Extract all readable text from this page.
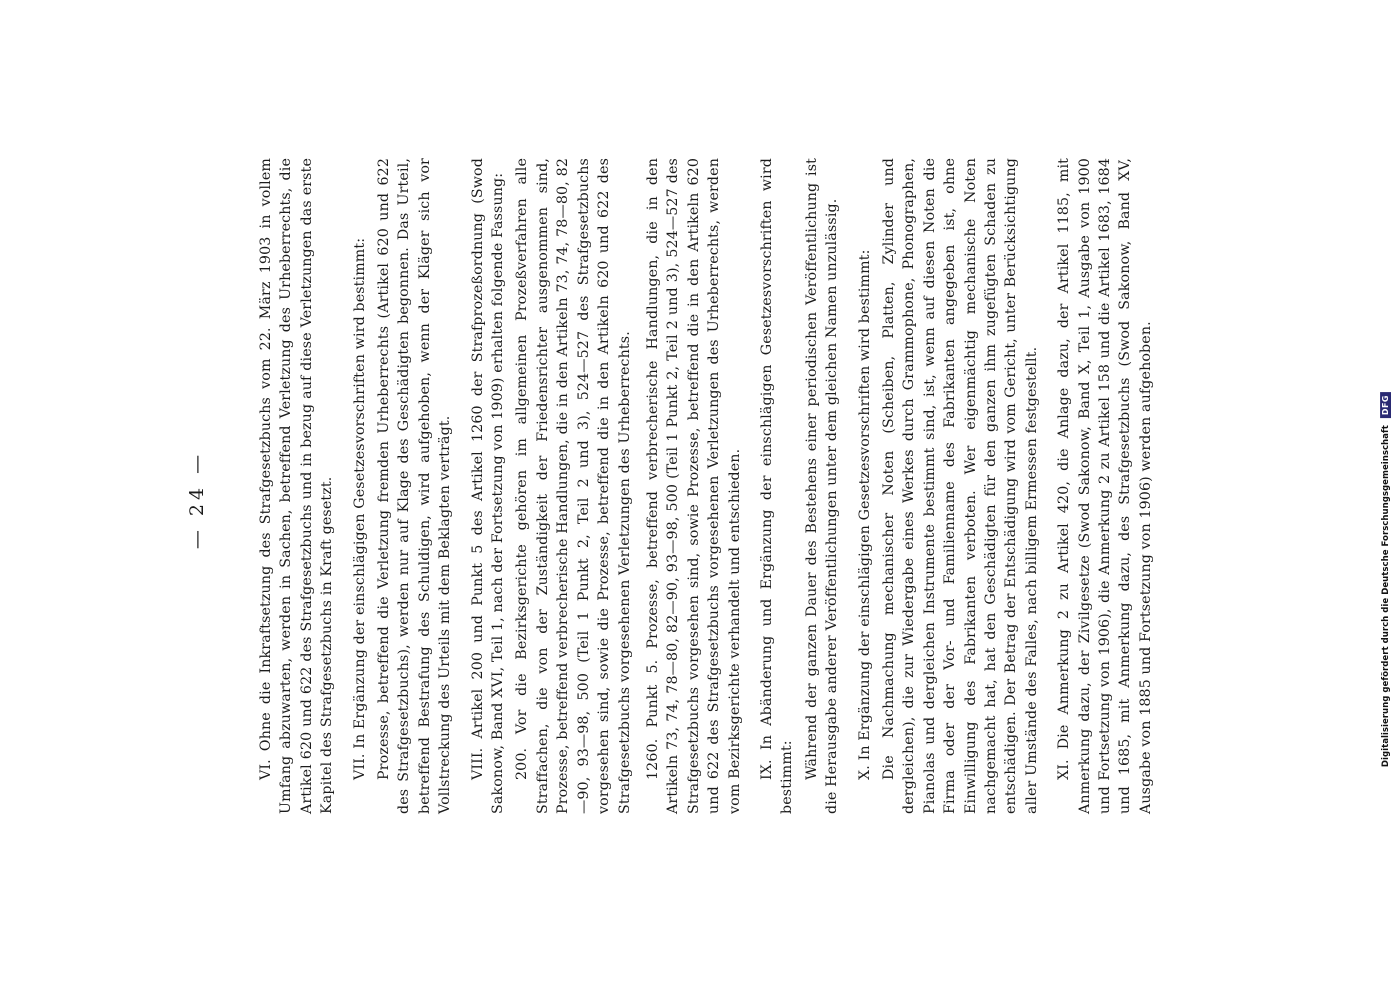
— 24 —	VI. Ohne die Inkraftsetzung des Strafgesetzbuchs vom 22. März 1903 in vollem Umfang abzuwarten, werden in Sachen, betreffend Verletzung des Urheberrechts, die Artikel 620 und 622 des Strafgesetzbuchs und in bezug auf diese Verletzungen das erste Kapitel des Strafgesetzbuchs in Kraft gesetzt. VII. In Ergänzung der einschlägigen Gesetzesvorschriften wird bestimmt: Prozesse, betreffend die Verletzung fremden Urheberrechts (Artikel 620 und 622 des Strafgesetzbuchs), werden nur auf Klage des Geschädigten begonnen. Das Urteil, betreffend Bestrafung des Schuldigen, wird aufgehoben, wenn der Kläger sich vor Vollstreckung des Urteils mit dem Beklagten verträgt. VIII. Artikel 200 und Punkt 5 des Artikel 1260 der Strafprozeßordnung (Swod Sakonow, Band XVI, Teil 1, nach der Fortsetzung von 1909) erhalten folgende Fassung: 200. Vor die Bezirksgerichte gehören im allgemeinen Prozeßverfahren alle Straffachen, die von der Zuständigkeit der Friedensrichter ausgenommen sind, Prozesse, betreffend verbrecherische Handlungen, die in den Artikeln 73, 74, 78—80, 82—90, 93—98, 500 (Teil 1 Punkt 2, Teil 2 und 3), 524—527 des Strafgesetzbuchs vorgesehen sind, sowie die Prozesse, betreffend die in den Artikeln 620 und 622 des Strafgesetzbuchs vorgesehenen Verletzungen des Urheberrechts. 1260. Punkt 5. Prozesse, betreffend verbrecherische Handlungen, die in den Artikeln 73, 74, 78—80, 82—90, 93—98, 500 (Teil 1 Punkt 2, Teil 2 und 3), 524—527 des Strafgesetzbuchs vorgesehen sind, sowie Prozesse, betreffend die in den Artikeln 620 und 622 des Strafgesetzbuchs vorgesehenen Verletzungen des Urheberrechts, werden vom Bezirksgerichte verhandelt und entschieden. IX. In Abänderung und Ergänzung der einschlägigen Gesetzesvorschriften wird bestimmt: Während der ganzen Dauer des Bestehens einer periodischen Veröffentlichung ist die Herausgabe anderer Veröffentlichungen unter dem gleichen Namen unzulässig. X. In Ergänzung der einschlägigen Gesetzesvorschriften wird bestimmt: Die Nachmachung mechanischer Noten (Scheiben, Platten, Zylinder und dergleichen), die zur Wiedergabe eines Werkes durch Grammophone, Phonographen, Pianolas und dergleichen Instrumente bestimmt sind, ist, wenn auf diesen Noten die Firma oder der Vor- und Familienname des Fabrikanten angegeben ist, ohne Einwilligung des Fabrikanten verboten. Wer eigenmächtig mechanische Noten nachgemacht hat, hat den Geschädigten für den ganzen ihm zugefügten Schaden zu entschädigen. Der Betrag der Entschädigung wird vom Gericht, unter Berücksichtigung aller Umstände des Falles, nach billigem Ermessen festgestellt. XI. Die Anmerkung 2 zu Artikel 420, die Anlage dazu, der Artikel 1185, mit Anmerkung dazu, der Zivilgesetze (Swod Sakonow, Band X, Teil 1, Ausgabe von 1900 und Fortsetzung von 1906), die Anmerkung 2 zu Artikel 158 und die Artikel 1683, 1684 und 1685, mit Anmerkung dazu, des Strafgesetzbuchs (Swod Sakonow, Band XV, Ausgabe von 1885 und Fortsetzung von 1906) werden aufgehoben.	Digitalisierung gefördert durch die Deutsche Forschungsgemeinschaft DFG
